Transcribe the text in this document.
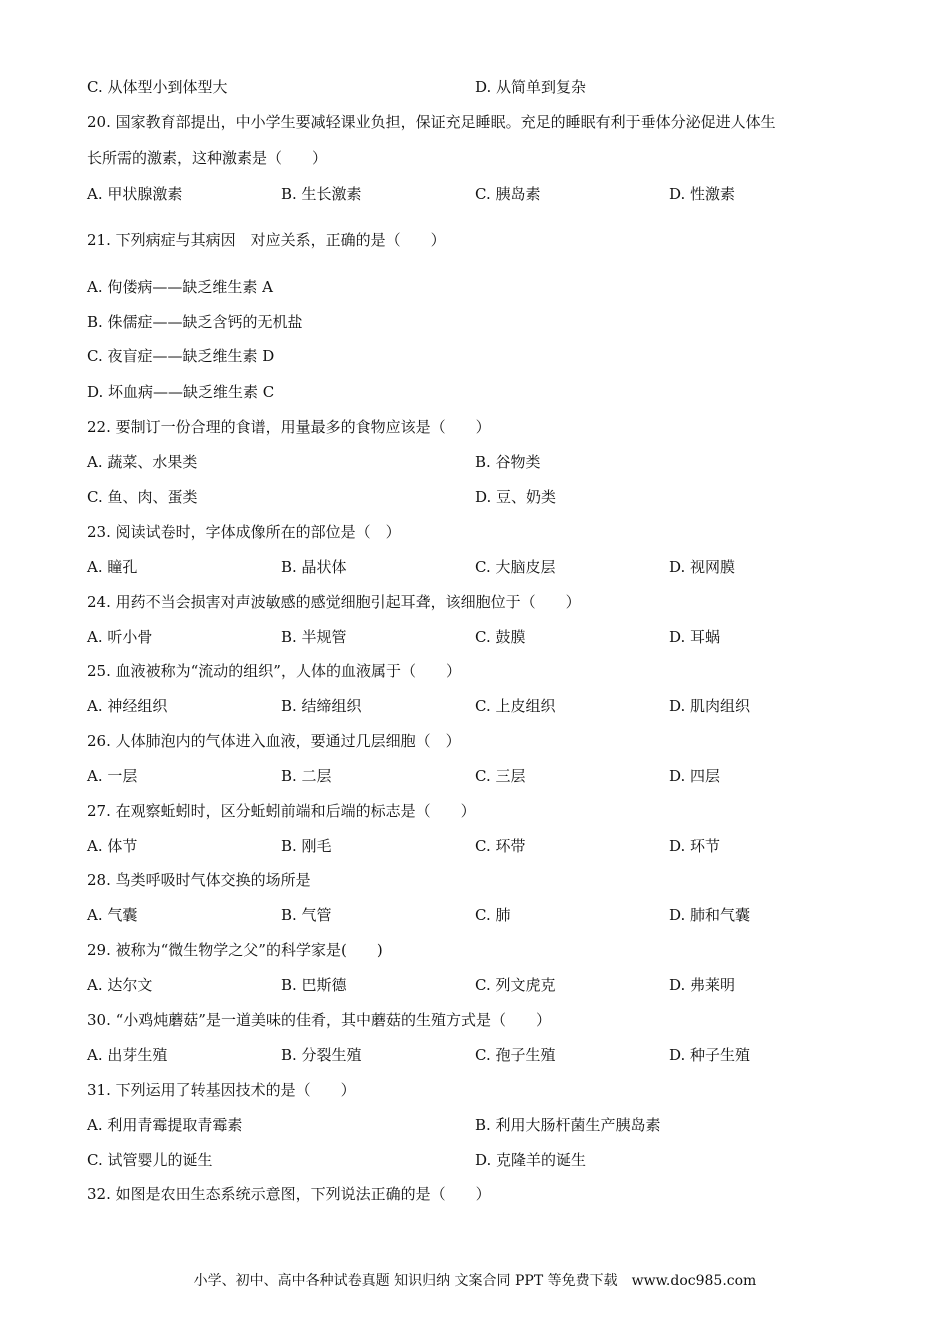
C. 从体型小到体型大	D. 从简单到复杂
20. 国家教育部提出，中小学生要减轻课业负担，保证充足睡眠。充足的睡眠有利于垂体分泌促进人体生
长所需的激素，这种激素是（　　）
A. 甲状腺激素	B. 生长激素	C. 胰岛素	D. 性激素
21. 下列病症与其病因　对应关系，正确的是（　　）
A. 佝偻病——缺乏维生素 A
B. 侏儒症——缺乏含钙的无机盐
C. 夜盲症——缺乏维生素 D
D. 坏血病——缺乏维生素 C
22. 要制订一份合理的食谱，用量最多的食物应该是（　　）
A. 蔬菜、水果类	B. 谷物类
C. 鱼、肉、蛋类	D. 豆、奶类
23. 阅读试卷时，字体成像所在的部位是（　）
A. 瞳孔	B. 晶状体	C. 大脑皮层	D. 视网膜
24. 用药不当会损害对声波敏感的感觉细胞引起耳聋，该细胞位于（　　）
A. 听小骨	B. 半规管	C. 鼓膜	D. 耳蜗
25. 血液被称为“流动的组织”，人体的血液属于（　　）
A. 神经组织	B. 结缔组织	C. 上皮组织	D. 肌肉组织
26. 人体肺泡内的气体进入血液，要通过几层细胞（　）
A. 一层	B. 二层	C. 三层	D. 四层
27. 在观察蚯蚓时，区分蚯蚓前端和后端的标志是（　　）
A. 体节	B. 刚毛	C. 环带	D. 环节
28. 鸟类呼吸时气体交换的场所是
A. 气囊	B. 气管	C. 肺	D. 肺和气囊
29. 被称为“微生物学之父”的科学家是(　　)
A. 达尔文	B. 巴斯德	C. 列文虎克	D. 弗莱明
30. “小鸡炖蘑菇”是一道美味的佳肴，其中蘑菇的生殖方式是（　　）
A. 出芽生殖	B. 分裂生殖	C. 孢子生殖	D. 种子生殖
31. 下列运用了转基因技术的是（　　）
A. 利用青霉提取青霉素	B. 利用大肠杆菌生产胰岛素
C. 试管婴儿的诞生	D. 克隆羊的诞生
32. 如图是农田生态系统示意图，下列说法正确的是（　　）
小学、初中、高中各种试卷真题 知识归纳 文案合同 PPT 等免费下载　www.doc985.com
